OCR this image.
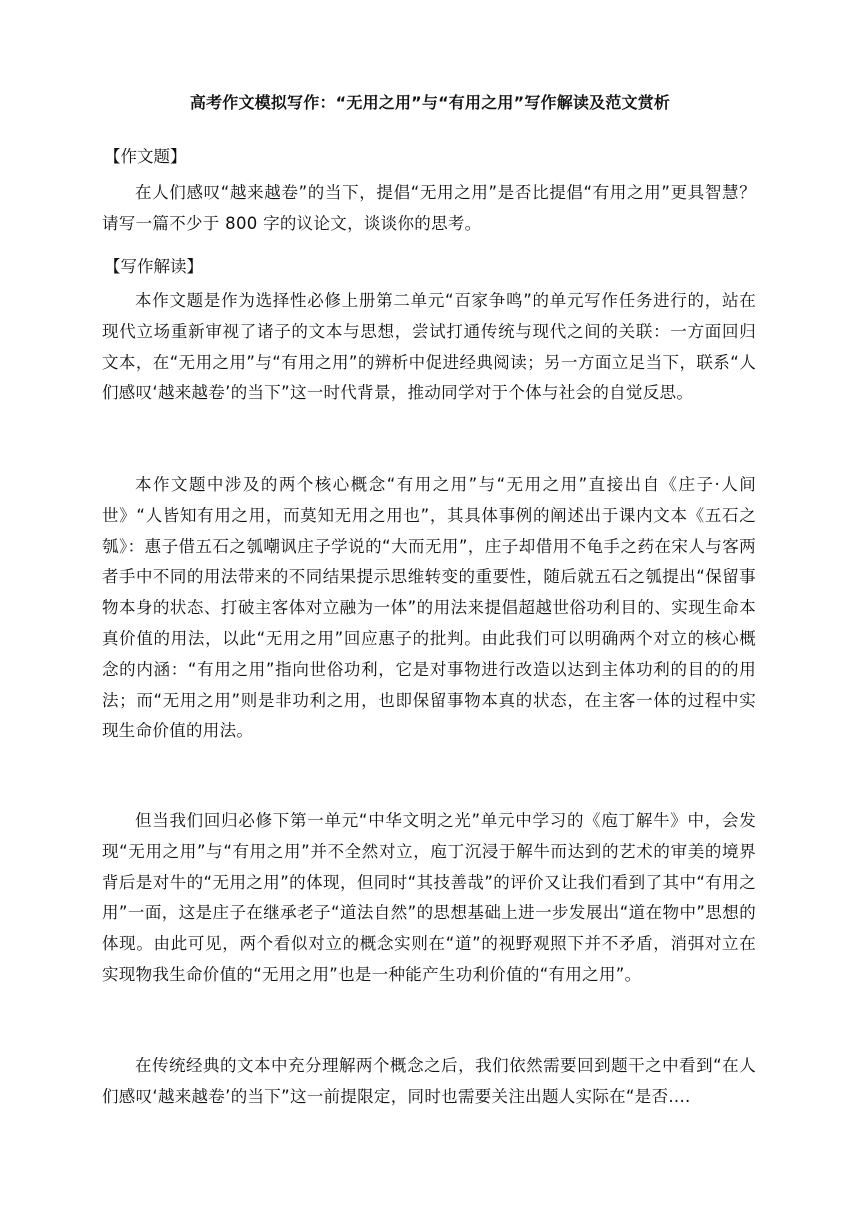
高考作文模拟写作：“无用之用”与“有用之用”写作解读及范文赏析
【作文题】

在人们感叹“越来越卷”的当下，提倡“无用之用”是否比提倡“有用之用”更具智慧？请写一篇不少于 800 字的议论文，谈谈你的思考。

【写作解读】

本作文题是作为选择性必修上册第二单元“百家争鸣”的单元写作任务进行的，站在现代立场重新审视了诸子的文本与思想，尝试打通传统与现代之间的关联：一方面回归文本，在“无用之用”与“有用之用”的辨析中促进经典阅读；另一方面立足当下，联系“人们感叹‘越来越卷’的当下”这一时代背景，推动同学对于个体与社会的自觉反思。

本作文题中涉及的两个核心概念“有用之用”与“无用之用”直接出自《庄子·人间世》“人皆知有用之用，而莫知无用之用也”，其具体事例的阐述出于课内文本《五石之瓠》：惠子借五石之瓠嘲讽庄子学说的“大而无用”，庄子却借用不龟手之药在宋人与客两者手中不同的用法带来的不同结果提示思维转变的重要性，随后就五石之瓠提出“保留事物本身的状态、打破主客体对立融为一体”的用法来提倡超越世俗功利目的、实现生命本真价值的用法，以此“无用之用”回应惠子的批判。由此我们可以明确两个对立的核心概念的内涵：“有用之用”指向世俗功利，它是对事物进行改造以达到主体功利的目的的用法；而“无用之用”则是非功利之用，也即保留事物本真的状态，在主客一体的过程中实现生命价值的用法。

但当我们回归必修下第一单元“中华文明之光”单元中学习的《庖丁解牛》中，会发现“无用之用”与“有用之用”并不全然对立，庖丁沉浸于解牛而达到的艺术的审美的境界背后是对牛的“无用之用”的体现，但同时“其技善哉”的评价又让我们看到了其中“有用之用”一面，这是庄子在继承老子“道法自然”的思想基础上进一步发展出“道在物中”思想的体现。由此可见，两个看似对立的概念实则在“道”的视野观照下并不矛盾，消弭对立在实现物我生命价值的“无用之用”也是一种能产生功利价值的“有用之用”。

在传统经典的文本中充分理解两个概念之后，我们依然需要回到题干之中看到“在人们感叹‘越来越卷’的当下”这一前提限定，同时也需要关注出题人实际在“是否....
